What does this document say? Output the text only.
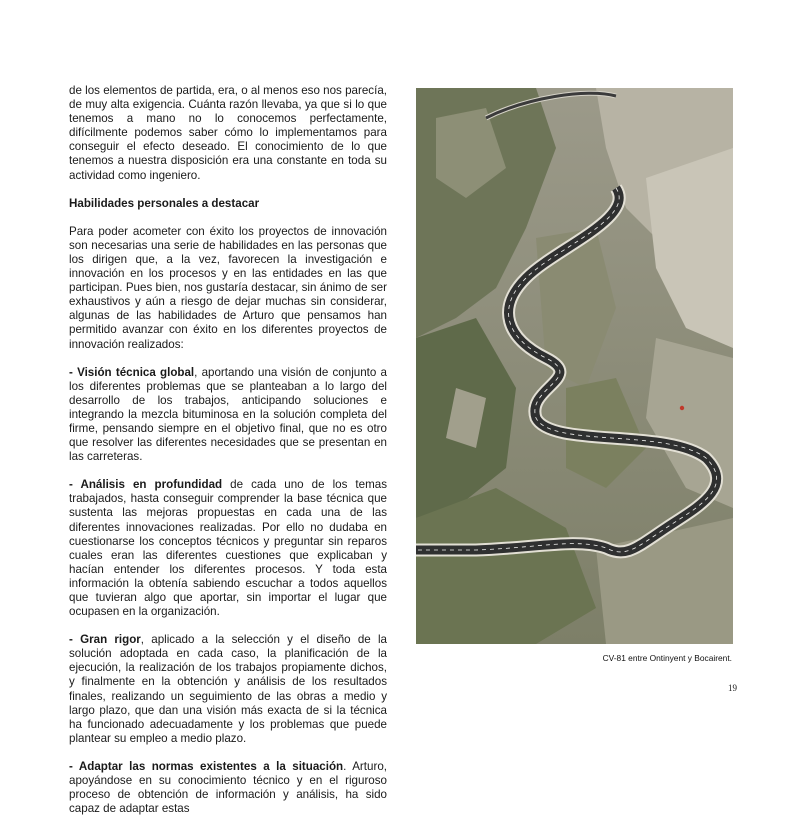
de los elementos de partida, era, o al menos eso nos parecía, de muy alta exigencia. Cuánta razón llevaba, ya que si lo que tenemos a mano no lo conocemos perfectamente, difícilmente podemos saber cómo lo implementamos para conseguir el efecto deseado. El conocimiento de lo que tenemos a nuestra disposición era una constante en toda su actividad como ingeniero.

Habilidades personales a destacar

Para poder acometer con éxito los proyectos de innovación son necesarias una serie de habilidades en las personas que los dirigen que, a la vez, favorecen la investigación e innovación en los procesos y en las entidades en las que participan. Pues bien, nos gustaría destacar, sin ánimo de ser exhaustivos y aún a riesgo de dejar muchas sin considerar, algunas de las habilidades de Arturo que pensamos han permitido avanzar con éxito en los diferentes proyectos de innovación realizados:

- Visión técnica global, aportando una visión de conjunto a los diferentes problemas que se planteaban a lo largo del desarrollo de los trabajos, anticipando soluciones e integrando la mezcla bituminosa en la solución completa del firme, pensando siempre en el objetivo final, que no es otro que resolver las diferentes necesidades que se presentan en las carreteras.

- Análisis en profundidad de cada uno de los temas trabajados, hasta conseguir comprender la base técnica que sustenta las mejoras propuestas en cada una de las diferentes innovaciones realizadas. Por ello no dudaba en cuestionarse los conceptos técnicos y preguntar sin reparos cuales eran las diferentes cuestiones que explicaban y hacían entender los diferentes procesos. Y toda esta información la obtenía sabiendo escuchar a todos aquellos que tuvieran algo que aportar, sin importar el lugar que ocupasen en la organización.

- Gran rigor, aplicado a la selección y el diseño de la solución adoptada en cada caso, la planificación de la ejecución, la realización de los trabajos propiamente dichos, y finalmente en la obtención y análisis de los resultados finales, realizando un seguimiento de las obras a medio y largo plazo, que dan una visión más exacta de si la técnica ha funcionado adecuadamente y los problemas que puede plantear su empleo a medio plazo.

- Adaptar las normas existentes a la situación. Arturo, apoyándose en su conocimiento técnico y en el riguroso proceso de obtención de información y análisis, ha sido capaz de adaptar estas

CV-81 entre Ontinyent y Bocairent.
19
